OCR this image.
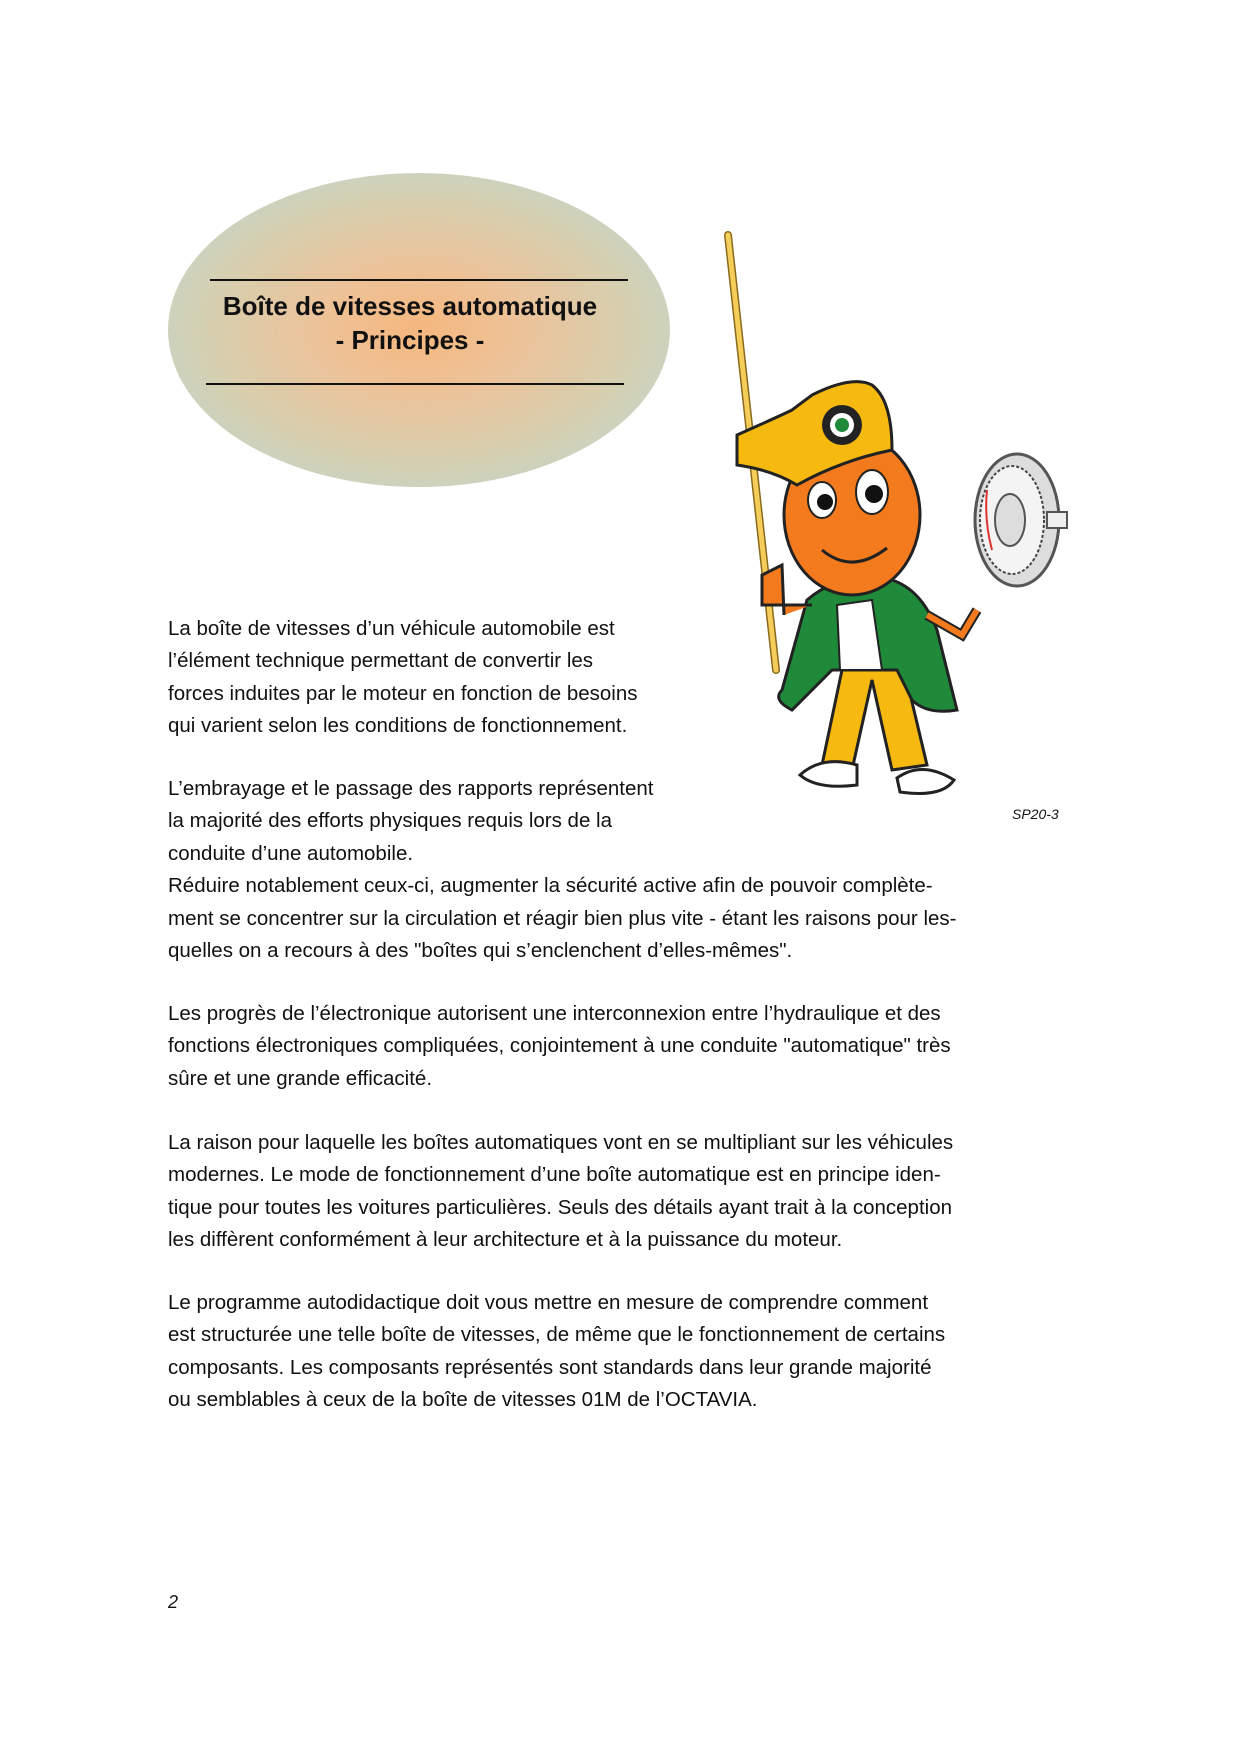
Boîte de vitesses automatique
- Principes -
SP20-3
La boîte de vitesses d’un véhicule automobile est
l’élément technique permettant de convertir les
forces induites par le moteur en fonction de besoins
qui varient selon les conditions de fonctionnement.
L’embrayage et le passage des rapports représentent
la majorité des efforts physiques requis lors de la
conduite d’une automobile.
Réduire notablement ceux-ci, augmenter la sécurité active afin de pouvoir complète-
ment se concentrer sur la circulation et réagir bien plus vite - étant les raisons pour les-
quelles on a recours à des "boîtes qui s’enclenchent d’elles-mêmes".
Les progrès de l’électronique autorisent une interconnexion entre l’hydraulique et des
fonctions électroniques compliquées, conjointement à une conduite "automatique" très
sûre et une grande efficacité.
La raison pour laquelle les boîtes automatiques vont en se multipliant sur les véhicules
modernes. Le mode de fonctionnement d’une boîte automatique est en principe iden-
tique pour toutes les voitures particulières. Seuls des détails ayant trait à la conception
les diffèrent conformément à leur architecture et à la puissance du moteur.
Le programme autodidactique doit vous mettre en mesure de comprendre comment
est structurée une telle boîte de vitesses, de même que le fonctionnement de certains
composants. Les composants représentés sont standards dans leur grande majorité
ou semblables à ceux de la boîte de vitesses 01M de l’OCTAVIA.
2
